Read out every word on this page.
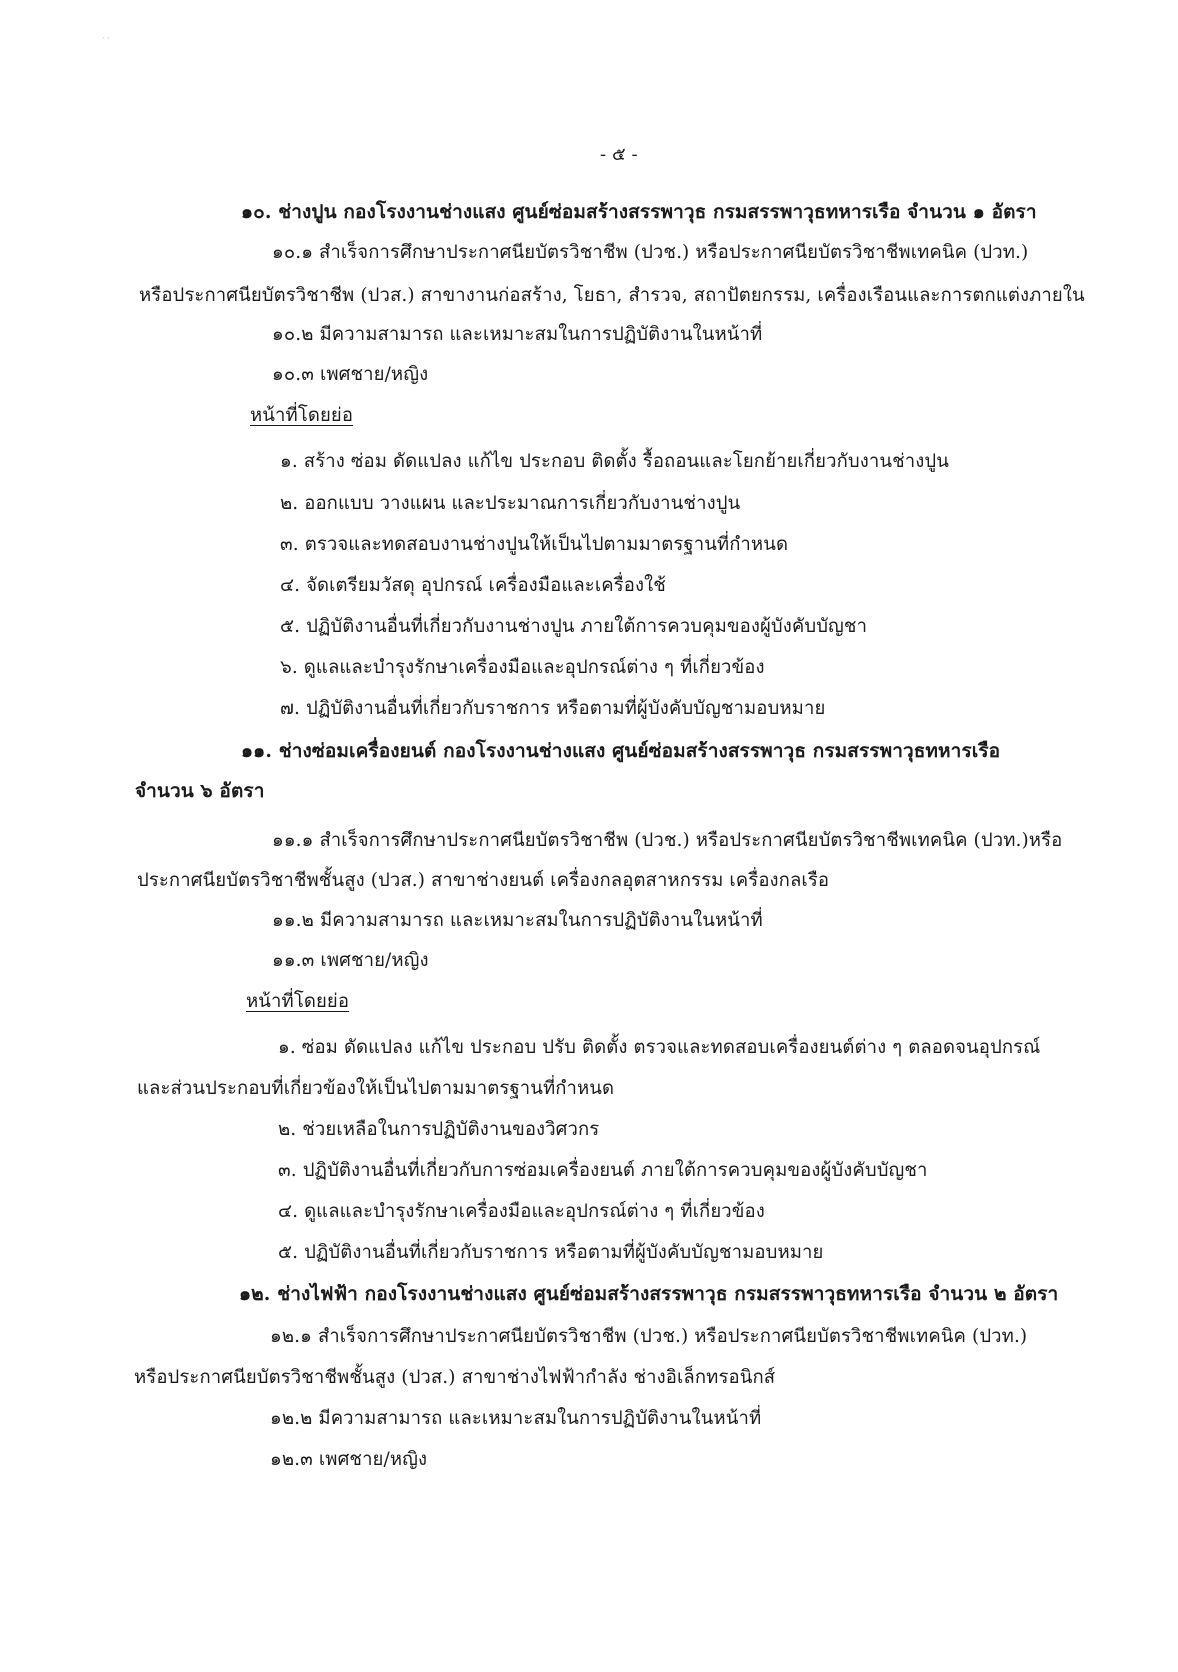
· ·
- ๕ -
๑๐. ช่างปูน กองโรงงานช่างแสง ศูนย์ซ่อมสร้างสรรพาวุธ กรมสรรพาวุธทหารเรือ จำนวน ๑ อัตรา
๑๐.๑ สำเร็จการศึกษาประกาศนียบัตรวิชาชีพ (ปวช.) หรือประกาศนียบัตรวิชาชีพเทคนิค (ปวท.)
หรือประกาศนียบัตรวิชาชีพ (ปวส.) สาขางานก่อสร้าง, โยธา, สำรวจ, สถาปัตยกรรม, เครื่องเรือนและการตกแต่งภายใน
๑๐.๒ มีความสามารถ และเหมาะสมในการปฏิบัติงานในหน้าที่
๑๐.๓ เพศชาย/หญิง
หน้าที่โดยย่อ
๑. สร้าง ซ่อม ดัดแปลง แก้ไข ประกอบ ติดตั้ง รื้อถอนและโยกย้ายเกี่ยวกับงานช่างปูน
๒. ออกแบบ วางแผน และประมาณการเกี่ยวกับงานช่างปูน
๓. ตรวจและทดสอบงานช่างปูนให้เป็นไปตามมาตรฐานที่กำหนด
๔. จัดเตรียมวัสดุ อุปกรณ์ เครื่องมือและเครื่องใช้
๕. ปฏิบัติงานอื่นที่เกี่ยวกับงานช่างปูน ภายใต้การควบคุมของผู้บังคับบัญชา
๖. ดูแลและบำรุงรักษาเครื่องมือและอุปกรณ์ต่าง ๆ ที่เกี่ยวข้อง
๗. ปฏิบัติงานอื่นที่เกี่ยวกับราชการ หรือตามที่ผู้บังคับบัญชามอบหมาย
๑๑. ช่างซ่อมเครื่องยนต์ กองโรงงานช่างแสง ศูนย์ซ่อมสร้างสรรพาวุธ กรมสรรพาวุธทหารเรือ
จำนวน ๖ อัตรา
๑๑.๑ สำเร็จการศึกษาประกาศนียบัตรวิชาชีพ (ปวช.) หรือประกาศนียบัตรวิชาชีพเทคนิค (ปวท.)หรือ
ประกาศนียบัตรวิชาชีพชั้นสูง (ปวส.) สาขาช่างยนต์ เครื่องกลอุตสาหกรรม เครื่องกลเรือ
๑๑.๒ มีความสามารถ และเหมาะสมในการปฏิบัติงานในหน้าที่
๑๑.๓ เพศชาย/หญิง
หน้าที่โดยย่อ
๑. ซ่อม ดัดแปลง แก้ไข ประกอบ ปรับ ติดตั้ง ตรวจและทดสอบเครื่องยนต์ต่าง ๆ ตลอดจนอุปกรณ์
และส่วนประกอบที่เกี่ยวข้องให้เป็นไปตามมาตรฐานที่กำหนด
๒. ช่วยเหลือในการปฏิบัติงานของวิศวกร
๓. ปฏิบัติงานอื่นที่เกี่ยวกับการซ่อมเครื่องยนต์ ภายใต้การควบคุมของผู้บังคับบัญชา
๔. ดูแลและบำรุงรักษาเครื่องมือและอุปกรณ์ต่าง ๆ ที่เกี่ยวข้อง
๕. ปฏิบัติงานอื่นที่เกี่ยวกับราชการ หรือตามที่ผู้บังคับบัญชามอบหมาย
๑๒. ช่างไฟฟ้า กองโรงงานช่างแสง ศูนย์ซ่อมสร้างสรรพาวุธ กรมสรรพาวุธทหารเรือ จำนวน ๒ อัตรา
๑๒.๑ สำเร็จการศึกษาประกาศนียบัตรวิชาชีพ (ปวช.) หรือประกาศนียบัตรวิชาชีพเทคนิค (ปวท.)
หรือประกาศนียบัตรวิชาชีพชั้นสูง (ปวส.) สาขาช่างไฟฟ้ากำลัง ช่างอิเล็กทรอนิกส์
๑๒.๒ มีความสามารถ และเหมาะสมในการปฏิบัติงานในหน้าที่
๑๒.๓ เพศชาย/หญิง
